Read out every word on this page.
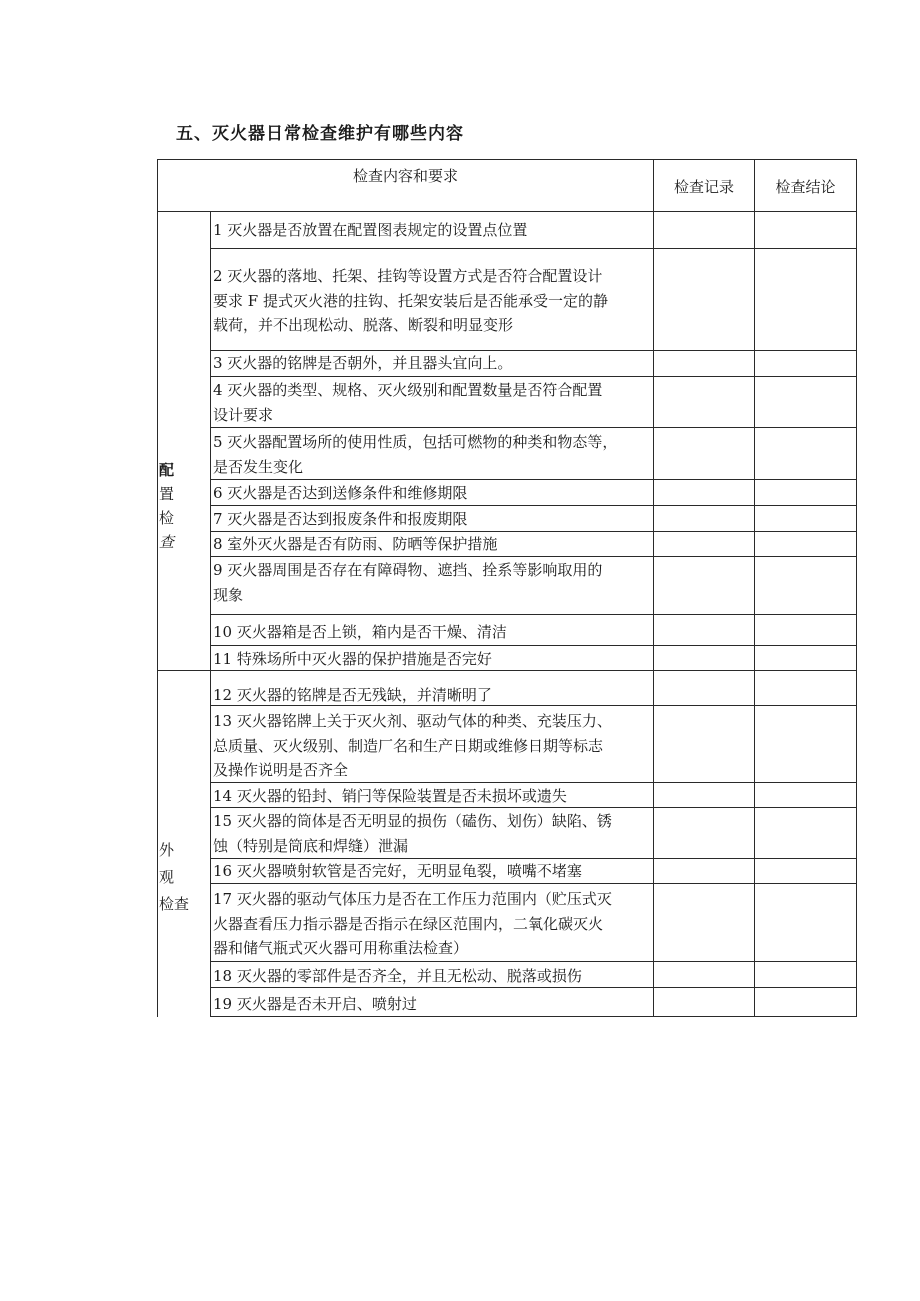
五、灭火器日常检查维护有哪些内容
检查内容和要求
检查记录	检查结论
配
置
检
查
外
观
检查
1 灭火器是否放置在配置图表规定的设置点位置
2 灭火器的落地、托架、挂钩等设置方式是否符合配置设计
要求 F 提式灭火港的拄钩、托架安装后是否能承受一定的静
载荷，并不出现松动、脱落、断裂和明显变形
3 灭火器的铭牌是否朝外，并且器头宜向上。
4 灭火器的类型、规格、灭火级别和配置数量是否符合配置
设计要求
5 灭火器配置场所的使用性质，包括可燃物的种类和物态等，
是否发生变化
6 灭火器是否达到送修条件和维修期限
7 灭火器是否达到报废条件和报废期限
8 室外灭火器是否有防雨、防晒等保护措施
9 灭火器周围是否存在有障碍物、遮挡、拴系等影响取用的
现象
10 灭火器箱是否上锁，箱内是否干燥、清洁
11 特殊场所中灭火器的保护措施是否完好
12 灭火器的铭牌是否无残缺，并清晰明了
13 灭火器铭牌上关于灭火剂、驱动气体的种类、充装压力、
总质量、灭火级别、制造厂名和生产日期或维修日期等标志
及操作说明是否齐全
14 灭火器的铅封、销闩等保险装置是否未损坏或遗失
15 灭火器的筒体是否无明显的损伤（磕伤、划伤）缺陷、锈
蚀（特别是筒底和焊缝）泄漏
16 灭火器喷射软管是否完好，无明显龟裂，喷嘴不堵塞
17 灭火器的驱动气体压力是否在工作压力范围内（贮压式灭
火器查看压力指示器是否指示在绿区范围内，二氧化碳灭火
器和储气瓶式灭火器可用称重法检查）
18 灭火器的零部件是否齐全，并且无松动、脱落或损伤
19 灭火器是否未开启、喷射过
